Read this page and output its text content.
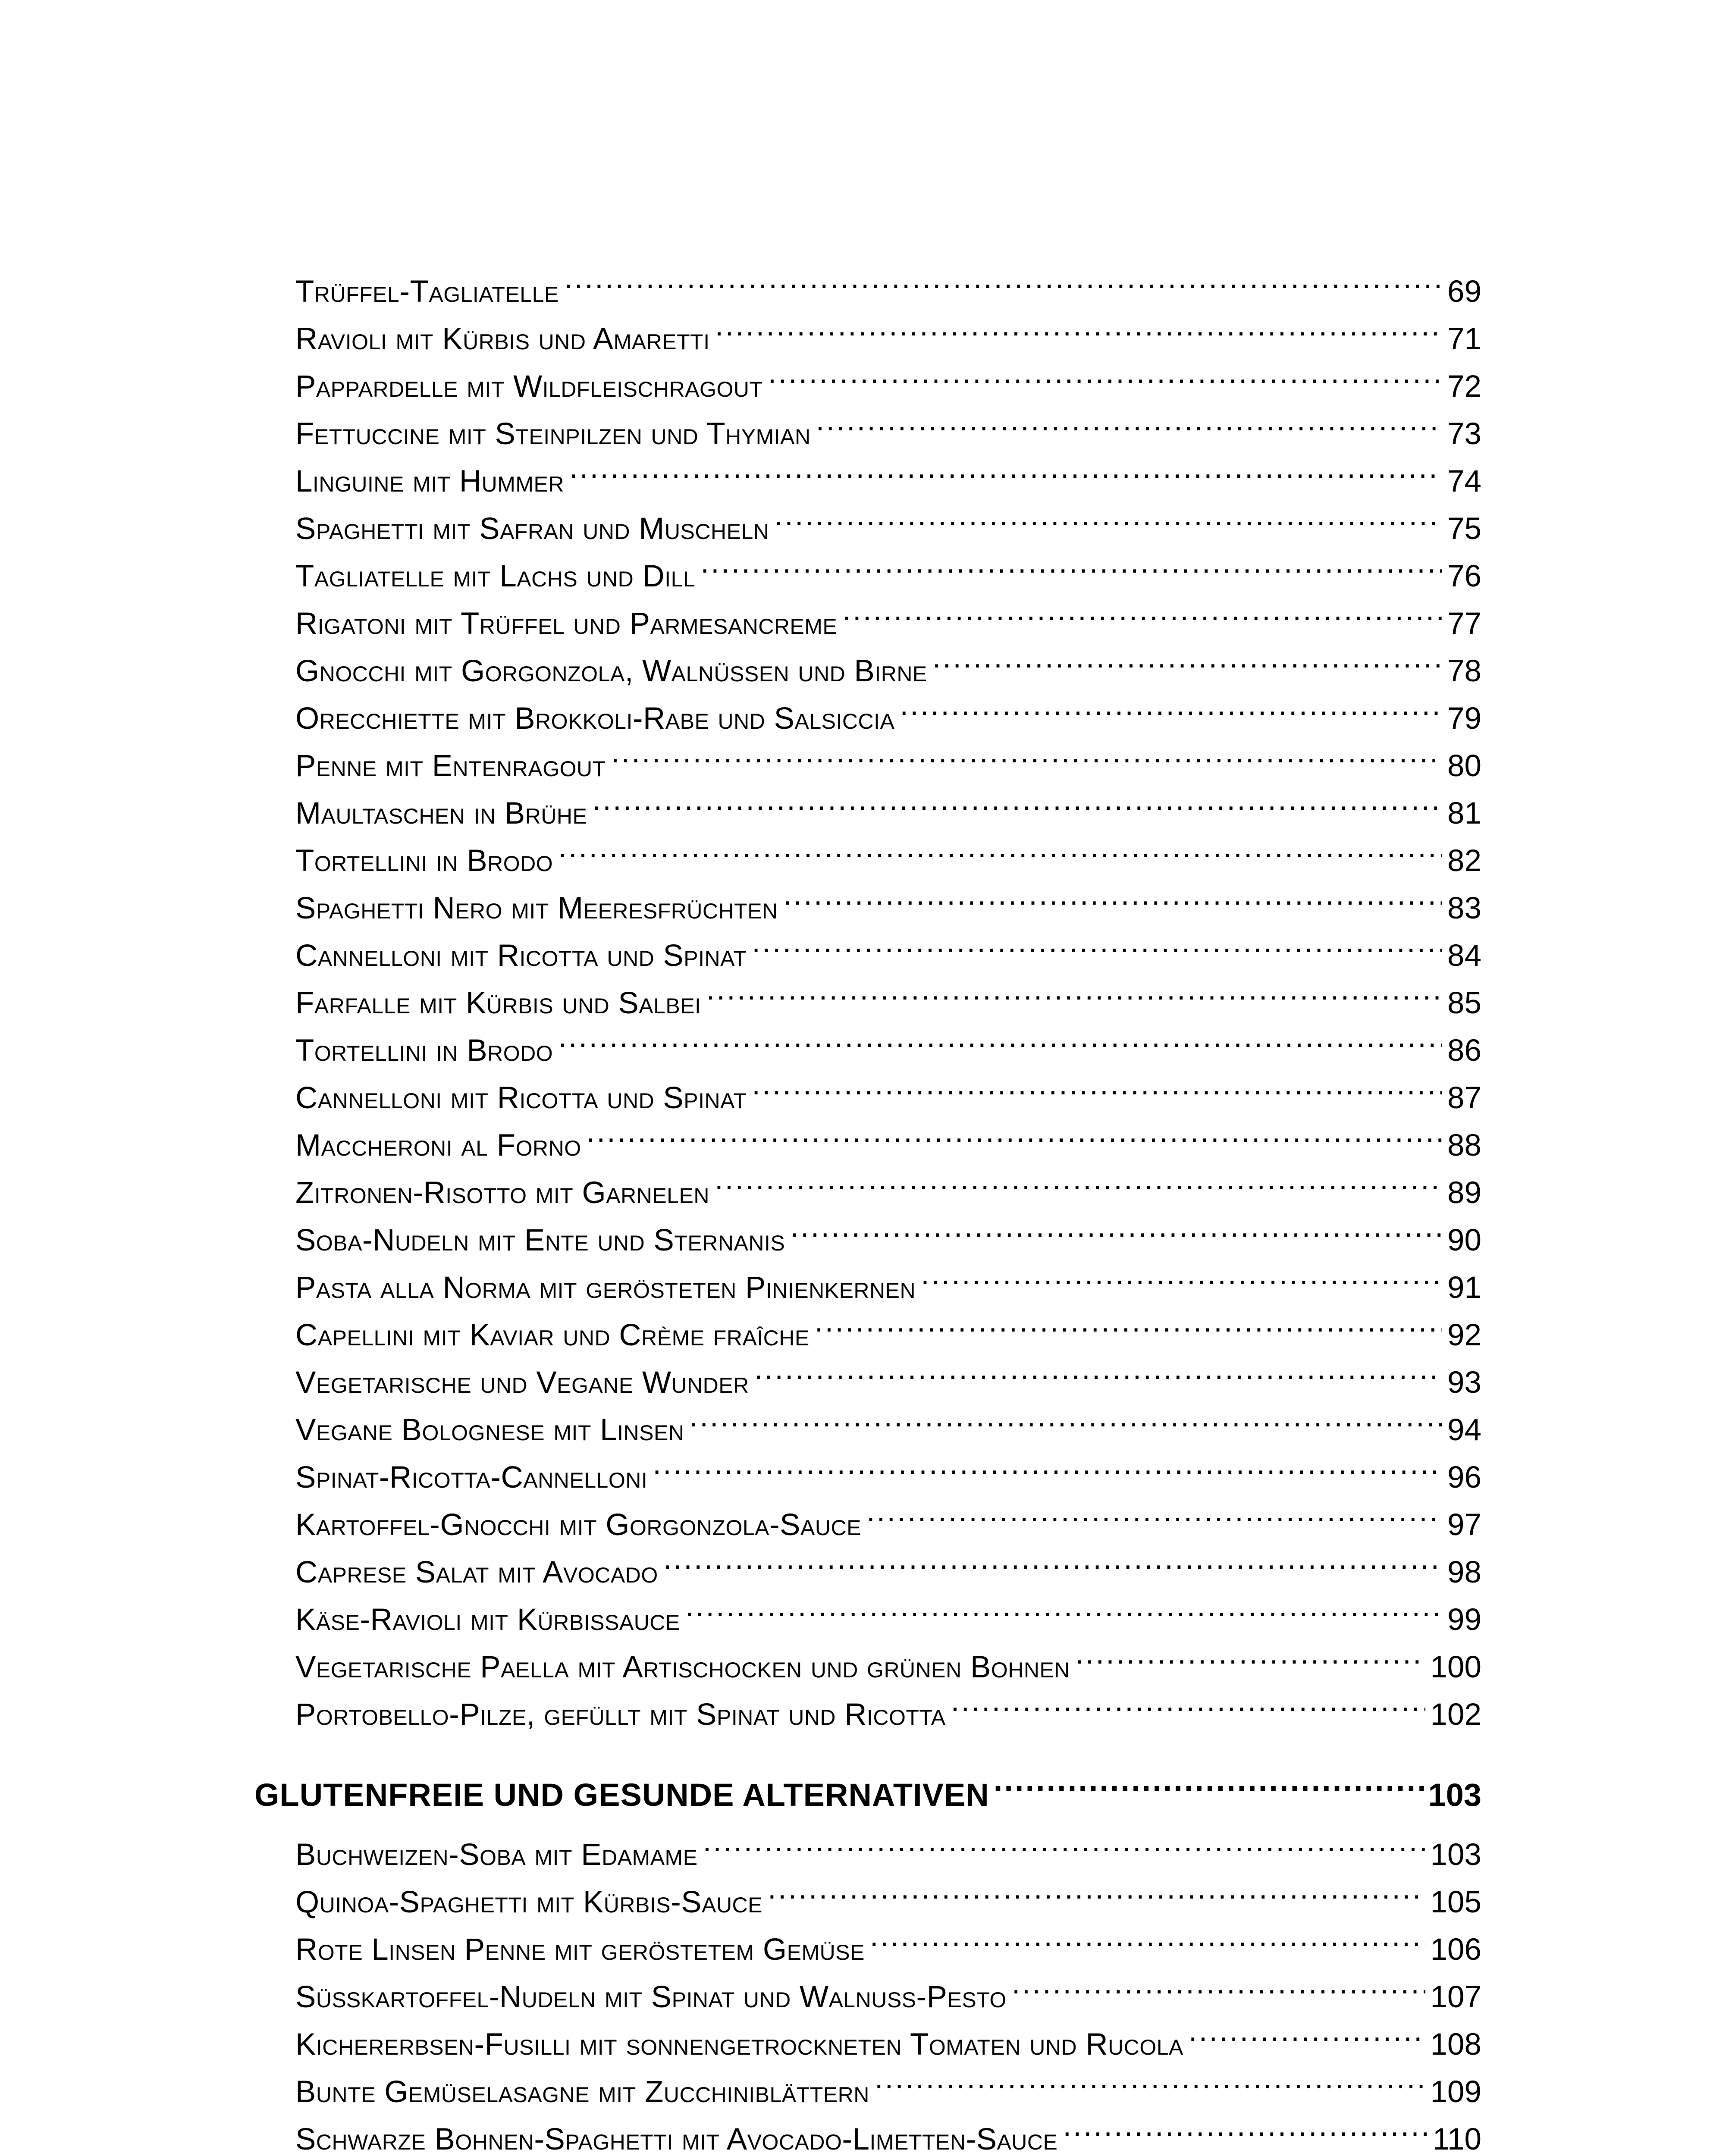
Trüffel-Tagliatelle .....	69
Ravioli mit Kürbis und Amaretti .....	71
Pappardelle mit Wildfleischragout .....	72
Fettuccine mit Steinpilzen und Thymian .....	73
Linguine mit Hummer .....	74
Spaghetti mit Safran und Muscheln .....	75
Tagliatelle mit Lachs und Dill .....	76
Rigatoni mit Trüffel und Parmesancreme .....	77
Gnocchi mit Gorgonzola, Walnüssen und Birne .....	78
Orecchiette mit Brokkoli-Rabe und Salsiccia .....	79
Penne mit Entenragout .....	80
Maultaschen in Brühe .....	81
Tortellini in Brodo .....	82
Spaghetti Nero mit Meeresfrüchten .....	83
Cannelloni mit Ricotta und Spinat .....	84
Farfalle mit Kürbis und Salbei .....	85
Tortellini in Brodo .....	86
Cannelloni mit Ricotta und Spinat .....	87
Maccheroni al Forno .....	88
Zitronen-Risotto mit Garnelen .....	89
Soba-Nudeln mit Ente und Sternanis .....	90
Pasta alla Norma mit gerösteten Pinienkernen .....	91
Capellini mit Kaviar und Crème fraîche .....	92
Vegetarische und Vegane Wunder .....	93
Vegane Bolognese mit Linsen .....	94
Spinat-Ricotta-Cannelloni .....	96
Kartoffel-Gnocchi mit Gorgonzola-Sauce .....	97
Caprese Salat mit Avocado .....	98
Käse-Ravioli mit Kürbissauce .....	99
Vegetarische Paella mit Artischocken und grünen Bohnen .....	100
Portobello-Pilze, gefüllt mit Spinat und Ricotta .....	102
GLUTENFREIE UND GESUNDE ALTERNATIVEN .....	103
Buchweizen-Soba mit Edamame .....	103
Quinoa-Spaghetti mit Kürbis-Sauce .....	105
Rote Linsen Penne mit geröstetem Gemüse .....	106
Süßkartoffel-Nudeln mit Spinat und Walnuss-Pesto .....	107
Kichererbsen-Fusilli mit sonnengetrockneten Tomaten und Rucola .....	108
Bunte Gemüselasagne mit Zucchiniblättern .....	109
Schwarze Bohnen-Spaghetti mit Avocado-Limetten-Sauce .....	110
.....
